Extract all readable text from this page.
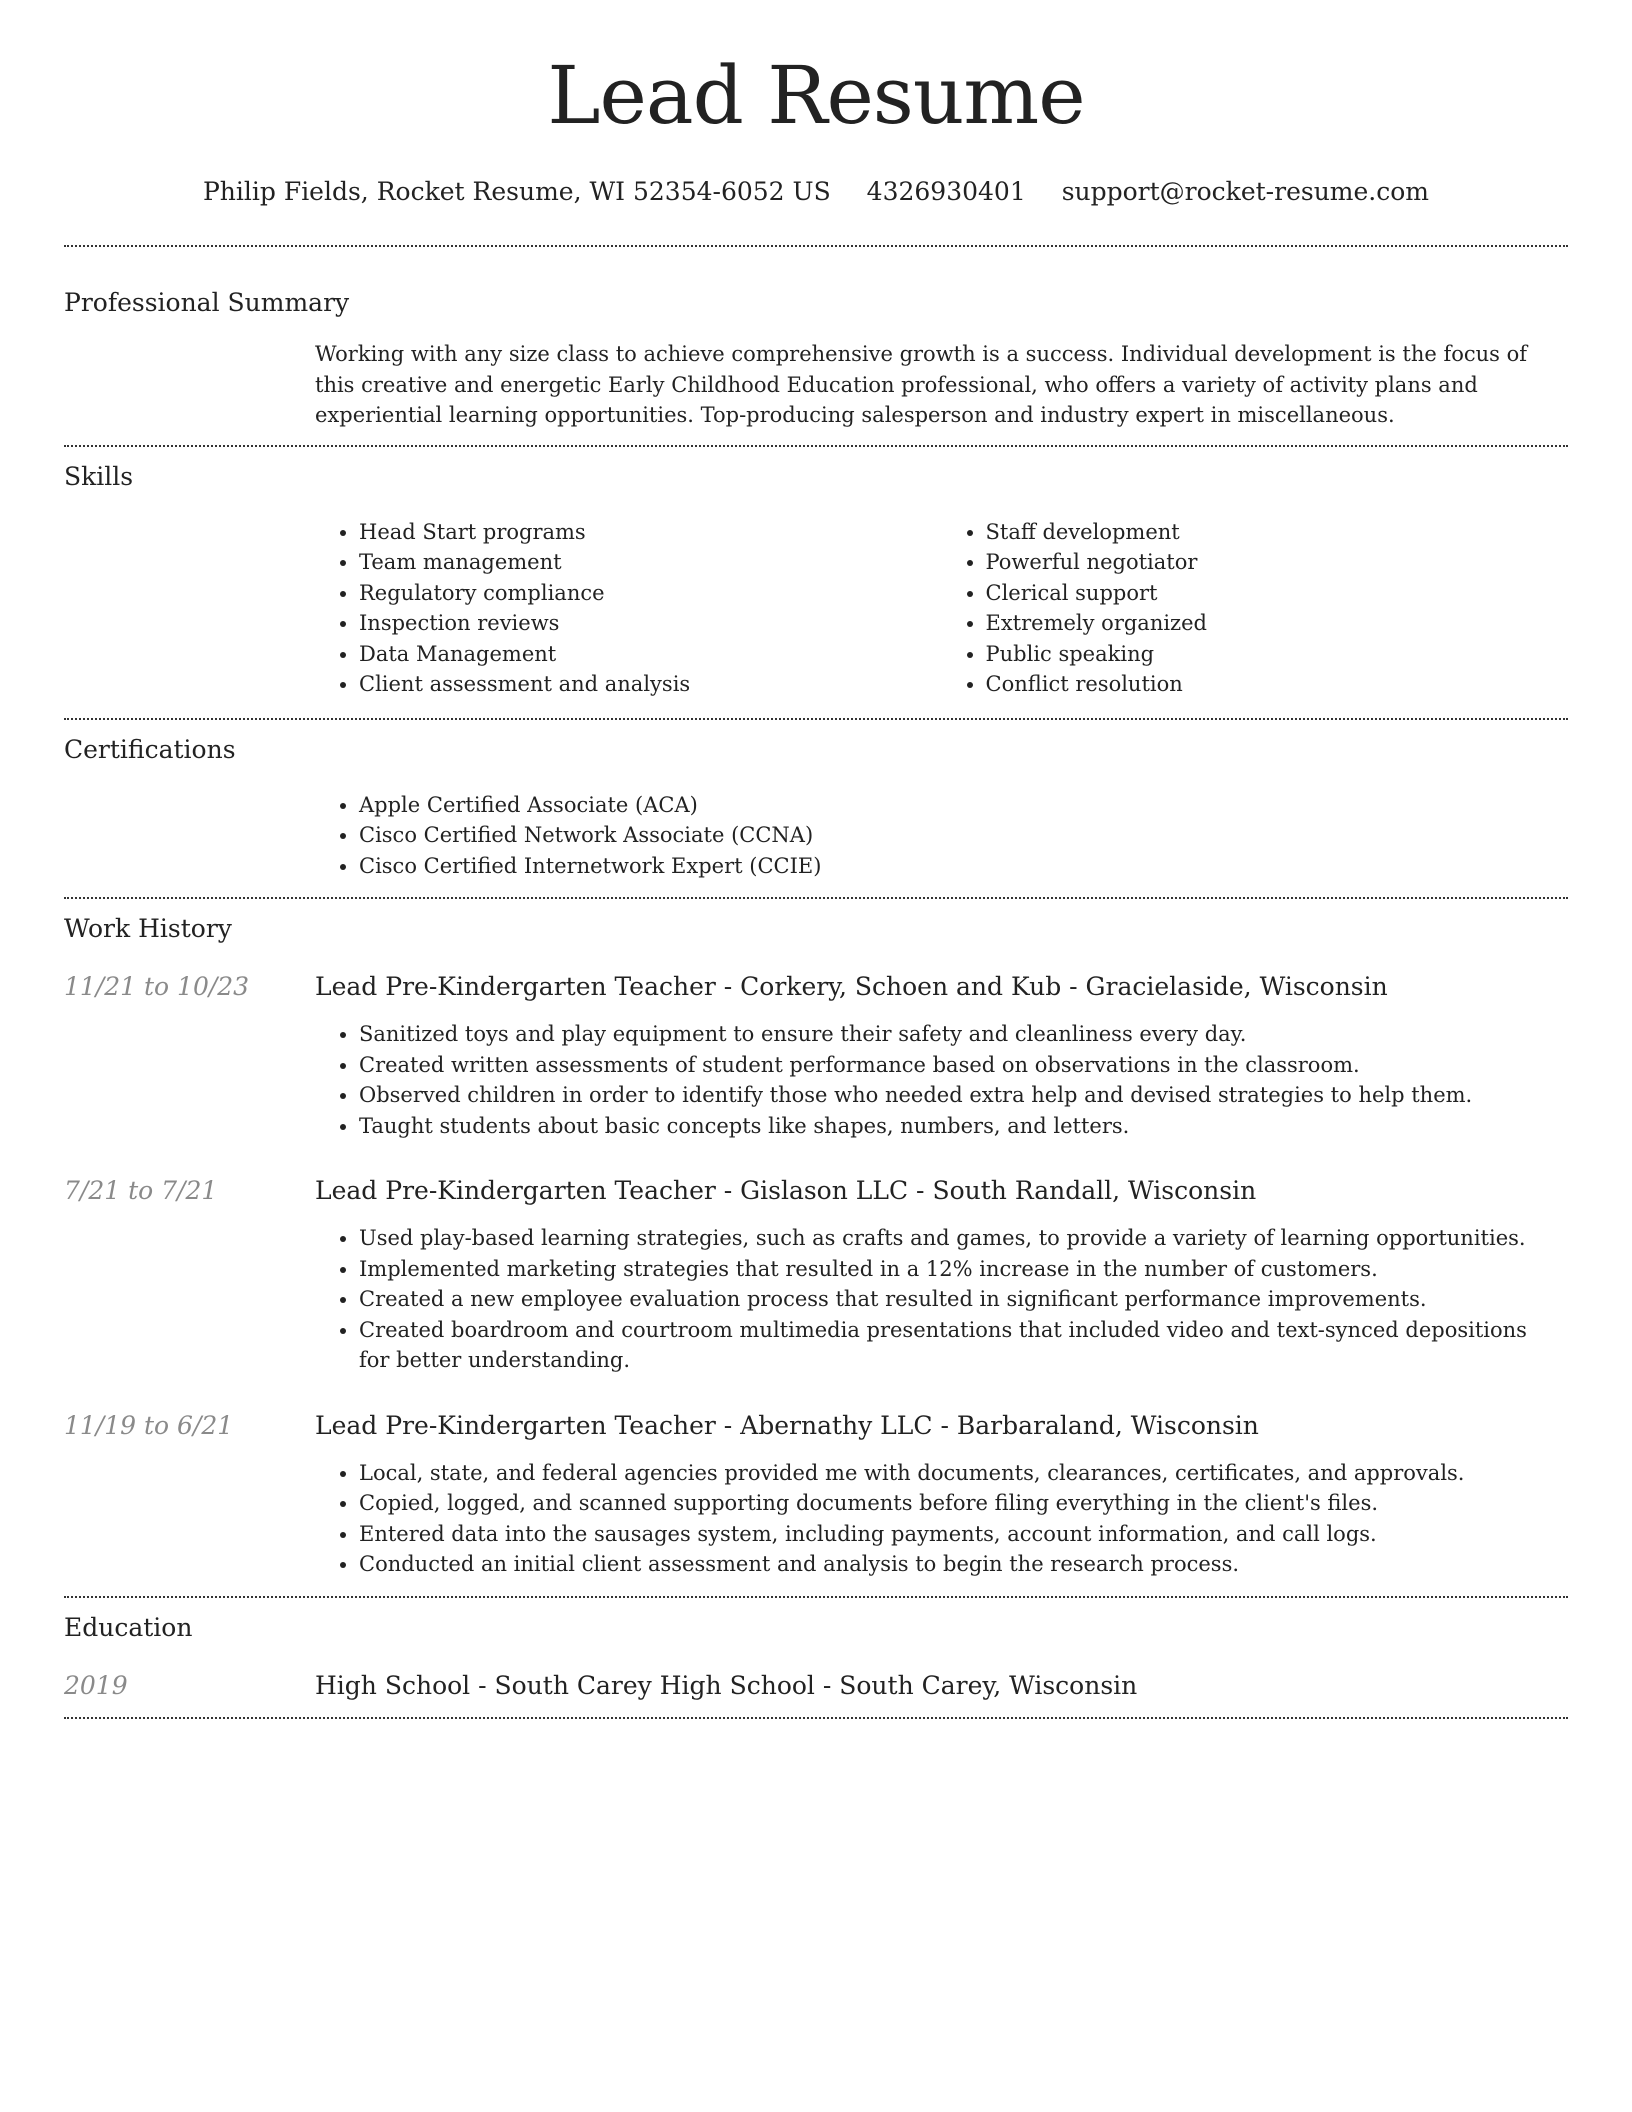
Lead Resume
Philip Fields, Rocket Resume, WI 52354-6052 US 4326930401 support@rocket-resume.com
Professional Summary
Working with any size class to achieve comprehensive growth is a success. Individual development is the focus of this creative and energetic Early Childhood Education professional, who offers a variety of activity plans and experiential learning opportunities. Top-producing salesperson and industry expert in miscellaneous.
Skills
• Head Start programs
• Team management
• Regulatory compliance
• Inspection reviews
• Data Management
• Client assessment and analysis
• Staff development
• Powerful negotiator
• Clerical support
• Extremely organized
• Public speaking
• Conflict resolution
Certifications
• Apple Certified Associate (ACA)
• Cisco Certified Network Associate (CCNA)
• Cisco Certified Internetwork Expert (CCIE)
Work History
11/21 to 10/23	Lead Pre-Kindergarten Teacher - Corkery, Schoen and Kub - Gracielaside, Wisconsin
• Sanitized toys and play equipment to ensure their safety and cleanliness every day.
• Created written assessments of student performance based on observations in the classroom.
• Observed children in order to identify those who needed extra help and devised strategies to help them.
• Taught students about basic concepts like shapes, numbers, and letters.
7/21 to 7/21	Lead Pre-Kindergarten Teacher - Gislason LLC - South Randall, Wisconsin
• Used play-based learning strategies, such as crafts and games, to provide a variety of learning opportunities.
• Implemented marketing strategies that resulted in a 12% increase in the number of customers.
• Created a new employee evaluation process that resulted in significant performance improvements.
• Created boardroom and courtroom multimedia presentations that included video and text-synced depositions for better understanding.
11/19 to 6/21	Lead Pre-Kindergarten Teacher - Abernathy LLC - Barbaraland, Wisconsin
• Local, state, and federal agencies provided me with documents, clearances, certificates, and approvals.
• Copied, logged, and scanned supporting documents before filing everything in the client's files.
• Entered data into the sausages system, including payments, account information, and call logs.
• Conducted an initial client assessment and analysis to begin the research process.
Education
2019	High School - South Carey High School - South Carey, Wisconsin
